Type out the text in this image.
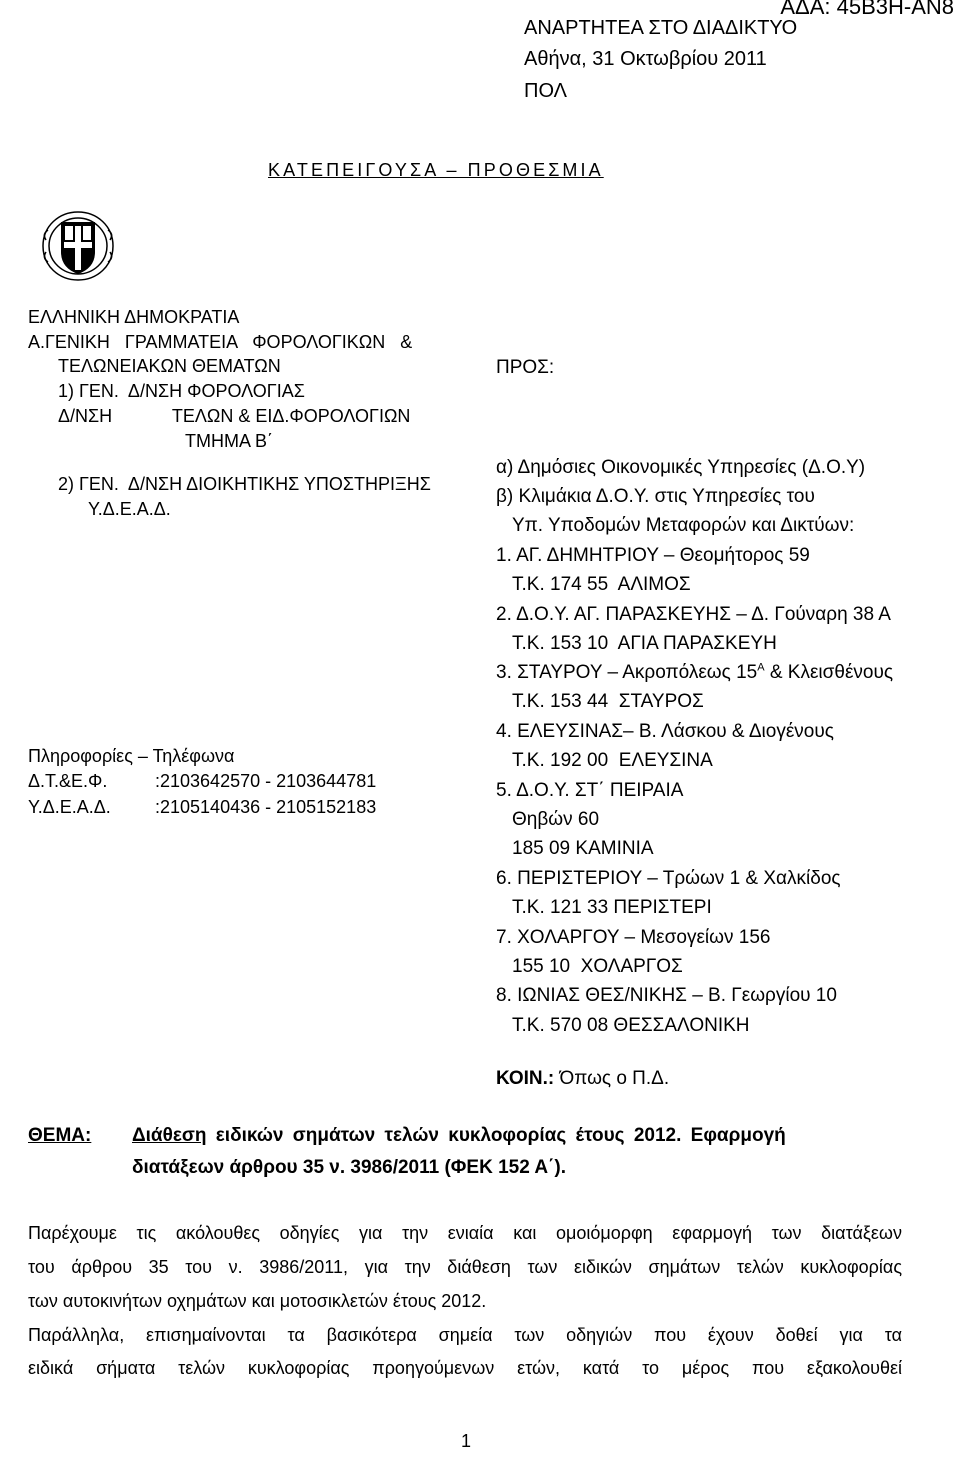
ΑΔΑ: 45Β3Η-ΑΝ8
ΑΝΑΡΤΗΤΕΑ ΣΤΟ ΔΙΑΔΙΚΤΥΟ
Αθήνα, 31 Οκτωβρίου 2011
ΠΟΛ
ΚΑΤΕΠΕΙΓΟΥΣΑ – ΠΡΟΘΕΣΜΙΑ

ΕΛΛΗΝΙΚΗ ΔΗΜΟΚΡΑΤΙΑ
Α.ΓΕΝΙΚΗ   ΓΡΑΜΜΑΤΕΙΑ   ΦΟΡΟΛΟΓΙΚΩΝ   &
ΤΕΛΩΝΕΙΑΚΩΝ ΘΕΜΑΤΩΝ
1) ΓΕΝ.  Δ/ΝΣΗ ΦΟΡΟΛΟΓΙΑΣ
Δ/ΝΣΗ            ΤΕΛΩΝ & ΕΙΔ.ΦΟΡΟΛΟΓΙΩΝ
ΤΜΗΜΑ Β΄
2) ΓΕΝ.  Δ/ΝΣΗ ΔΙΟΙΚΗΤΙΚΗΣ ΥΠΟΣΤΗΡΙΞΗΣ
Υ.Δ.Ε.Α.Δ.
Πληροφορίες – Τηλέφωνα
Δ.Τ.&Ε.Φ.	:2103642570 - 2103644781
Υ.Δ.Ε.Α.Δ. :2105140436 - 2105152183
ΠΡΟΣ:
α) Δημόσιες Οικονομικές Υπηρεσίες (Δ.Ο.Υ)
β) Κλιμάκια Δ.Ο.Υ. στις Υπηρεσίες του
Υπ. Υποδομών Μεταφορών και Δικτύων:
1. ΑΓ. ΔΗΜΗΤΡΙΟΥ – Θεομήτορος 59
Τ.Κ. 174 55  ΑΛΙΜΟΣ
2. Δ.Ο.Υ. ΑΓ. ΠΑΡΑΣΚΕΥΗΣ – Δ. Γούναρη 38 Α
Τ.Κ. 153 10  ΑΓΙΑ ΠΑΡΑΣΚΕΥΗ
3. ΣΤΑΥΡΟΥ – Ακροπόλεως $15^A$ & Κλεισθένους
Τ.Κ. 153 44  ΣΤΑΥΡΟΣ
4. ΕΛΕΥΣΙΝΑΣ– Β. Λάσκου & Διογένους
Τ.Κ. 192 00  ΕΛΕΥΣΙΝΑ
5. Δ.Ο.Υ. ΣΤ΄ ΠΕΙΡΑΙΑ
Θηβών 60
185 09 ΚΑΜΙΝΙΑ
6. ΠΕΡΙΣΤΕΡΙΟΥ – Τρώων 1 & Χαλκίδος
Τ.Κ. 121 33 ΠΕΡΙΣΤΕΡΙ
7. ΧΟΛΑΡΓΟΥ – Μεσογείων 156
155 10  ΧΟΛΑΡΓΟΣ
8. ΙΩΝΙΑΣ ΘΕΣ/ΝΙΚΗΣ – Β. Γεωργίου 10
Τ.Κ. 570 08 ΘΕΣΣΑΛΟΝΙΚΗ
ΚΟΙΝ.: Όπως ο Π.Δ.
ΘΕΜΑ: Διάθεση ειδικών σημάτων τελών κυκλοφορίας έτους 2012. Εφαρμογή
διατάξεων άρθρου 35 ν. 3986/2011 (ΦΕΚ 152 Α΄).
Παρέχουμε τις ακόλουθες οδηγίες για την ενιαία και ομοιόμορφη εφαρμογή των διατάξεων
του άρθρου 35 του ν. 3986/2011, για την διάθεση των ειδικών σημάτων τελών κυκλοφορίας
των αυτοκινήτων οχημάτων και μοτοσικλετών έτους 2012.
Παράλληλα, επισημαίνονται τα βασικότερα σημεία των οδηγιών που έχουν δοθεί για τα
ειδικά σήματα τελών κυκλοφορίας προηγούμενων ετών, κατά το μέρος που εξακολουθεί
1
